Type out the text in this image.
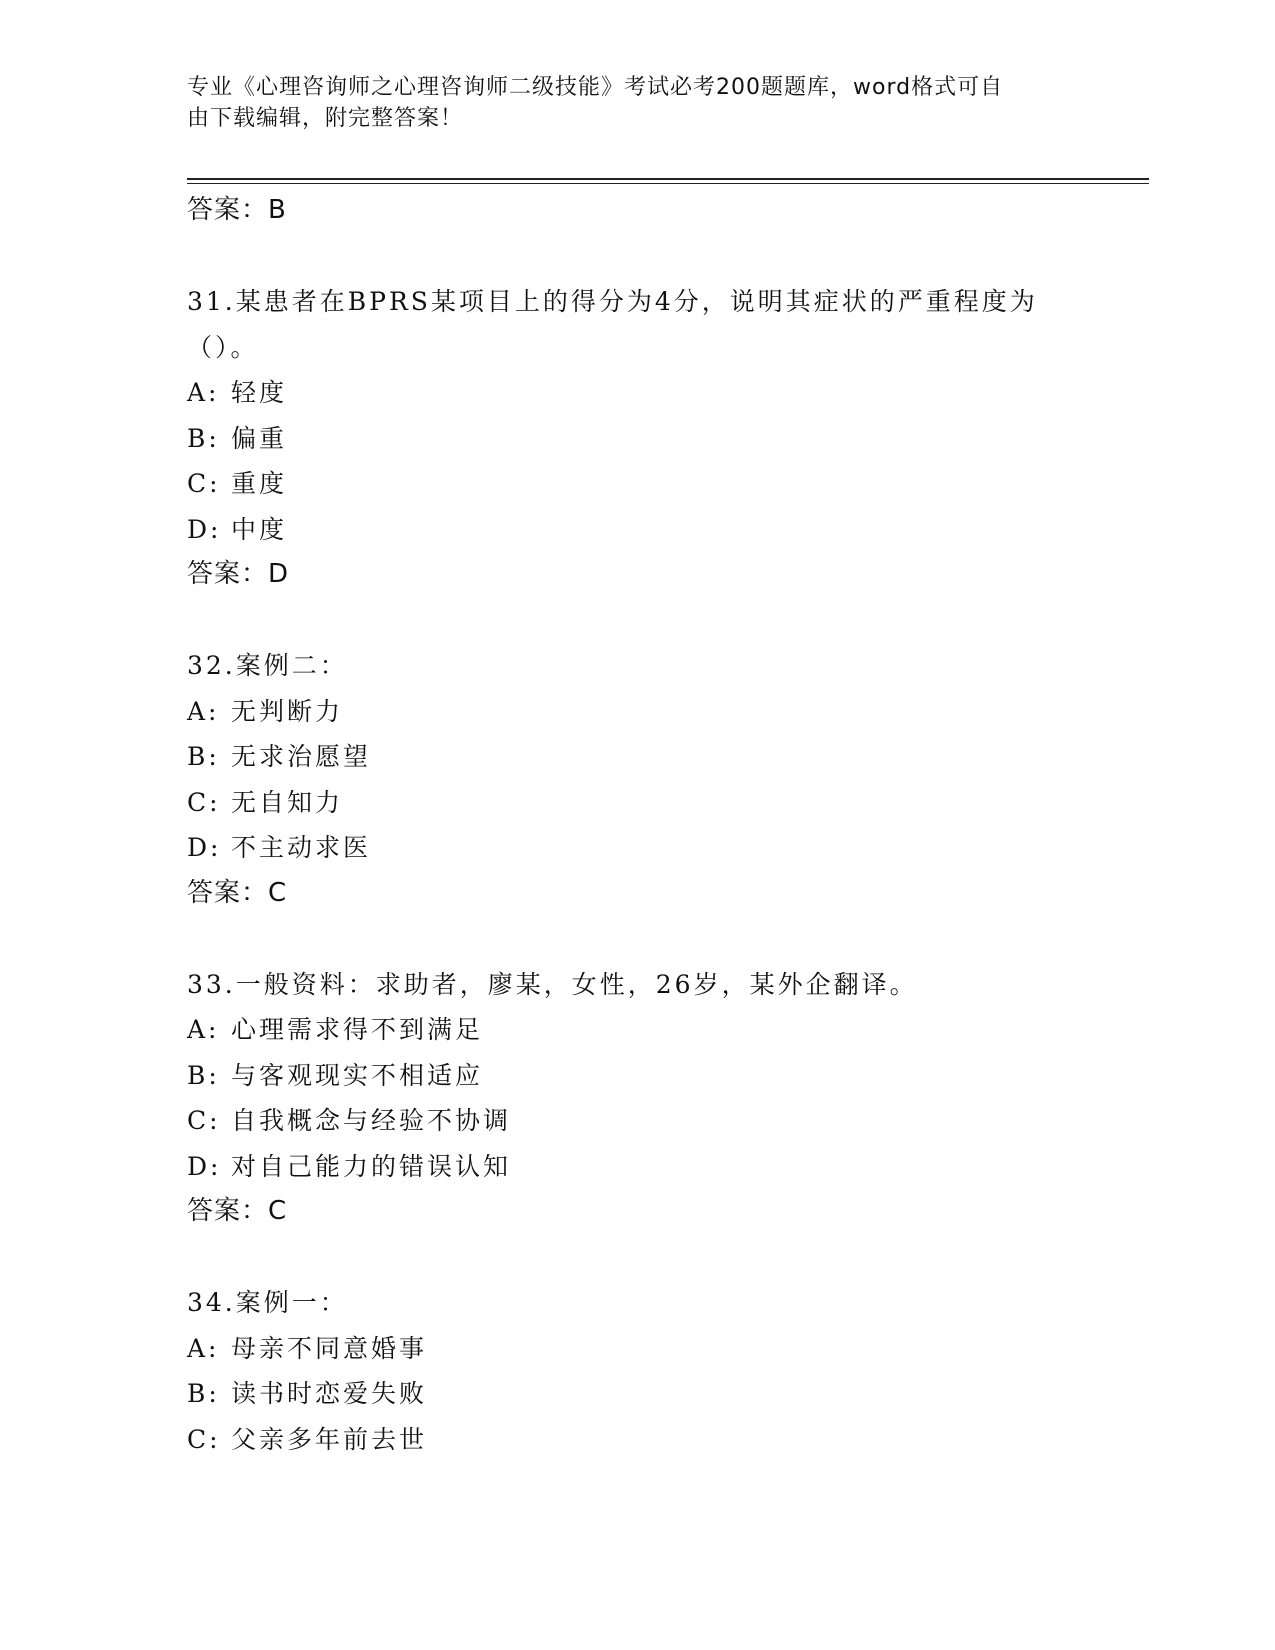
专业《心理咨询师之心理咨询师二级技能》考试必考200题题库，word格式可自
由下载编辑，附完整答案！
答案：B
31.某患者在BPRS某项目上的得分为4分，说明其症状的严重程度为
（）。
A: 轻度
B: 偏重
C: 重度
D: 中度
答案：D
32.案例二：
A: 无判断力
B: 无求治愿望
C: 无自知力
D: 不主动求医
答案：C
33.一般资料：求助者，廖某，女性，26岁，某外企翻译。
A: 心理需求得不到满足
B: 与客观现实不相适应
C: 自我概念与经验不协调
D: 对自己能力的错误认知
答案：C
34.案例一：
A: 母亲不同意婚事
B: 读书时恋爱失败
C: 父亲多年前去世
